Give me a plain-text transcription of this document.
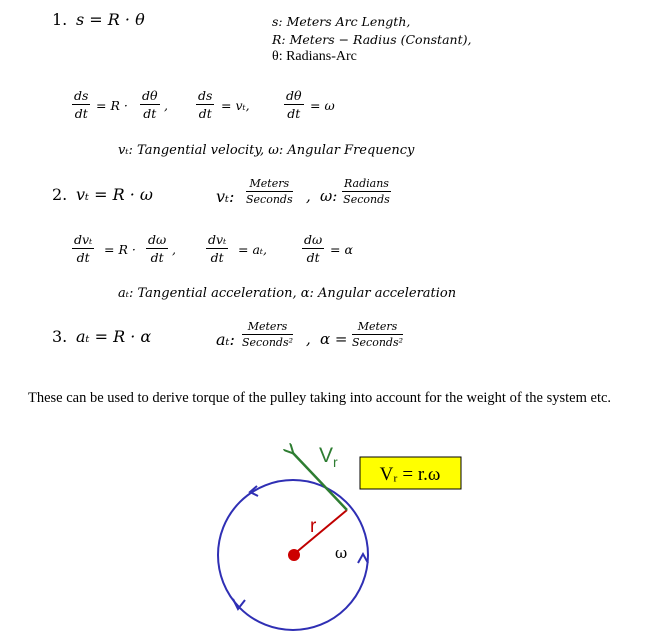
1. s = R · θ	s: Meters Arc Length,
R: Meters − Radius (Constant),
θ: Radians-Arc
$\frac{ds}{dt} = R \cdot \frac{d\theta}{dt}$ , $\frac{ds}{dt} = v_t$,	$\frac{d\theta}{dt} = \omega$
vₜ: Tangential velocity, ω: Angular Frequency
2. vₜ = R · ω	vₜ:
Meters
Seconds , ω:
Radians
Seconds
dvₜ
dt
= $R \cdot \frac{d\omega}{dt}$ ,
dvₜ
dt
= aₜ,	$\frac{d\omega}{dt} = \alpha$
aₜ: Tangential acceleration, α: Angular acceleration
3. aₜ = R · α	aₜ:
Meters
Seconds² , α =
Meters
Seconds²
These can be used to derive torque of the pulley taking into account for the weight of the system etc.
$V_r$
r
ω
Vᵣ = r.ω
